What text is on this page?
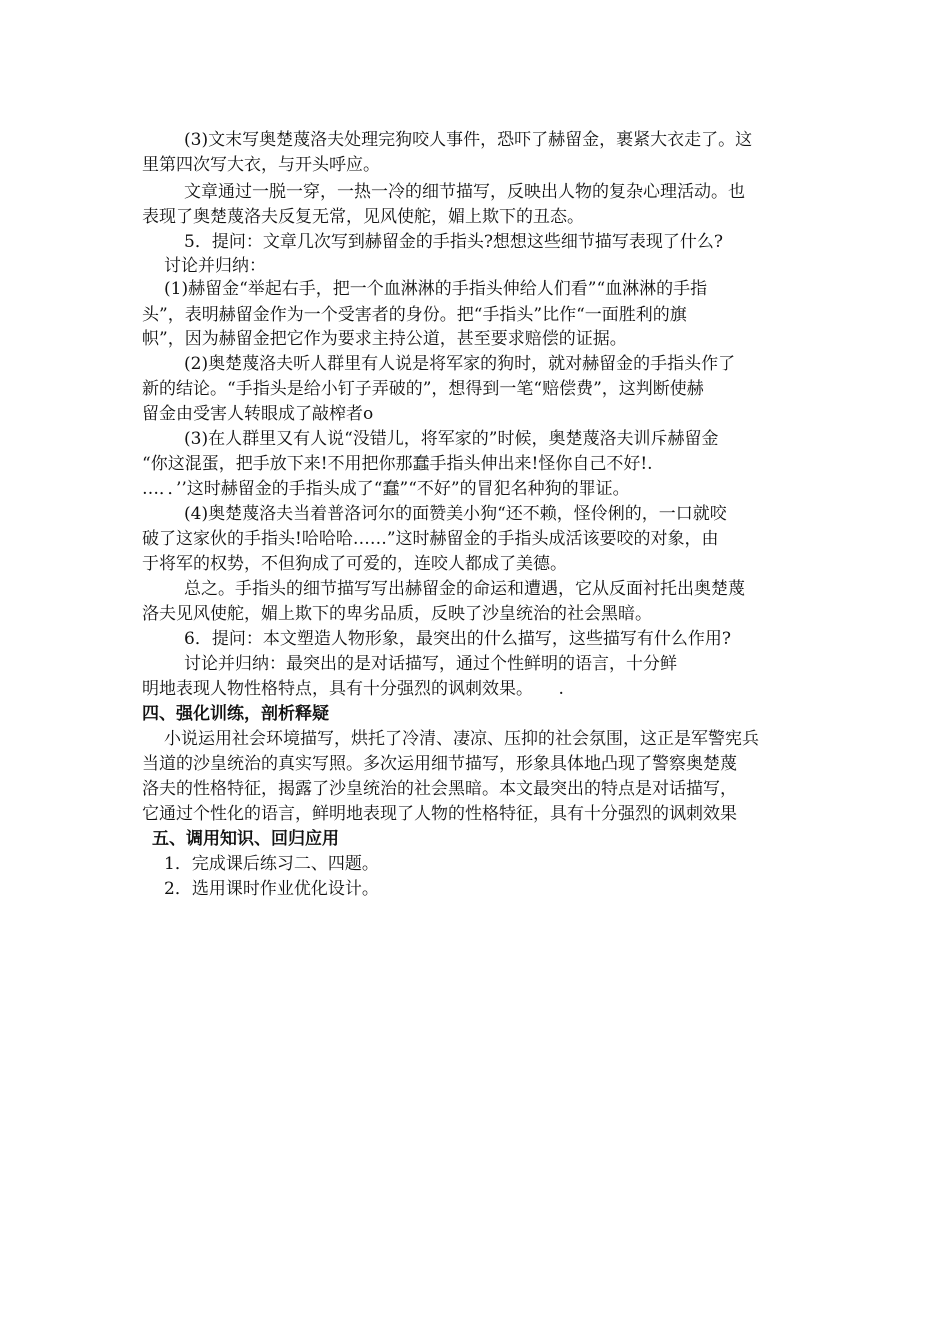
(3)文末写奥楚蔑洛夫处理完狗咬人事件，恐吓了赫留金，裹紧大衣走了。这
里第四次写大衣，与开头呼应。
文章通过一脱一穿，一热一冷的细节描写，反映出人物的复杂心理活动。也
表现了奥楚蔑洛夫反复无常，见风使舵，媚上欺下的丑态。
5．提问：文章几次写到赫留金的手指头?想想这些细节描写表现了什么?
讨论并归纳：
(1)赫留金“举起右手，把一个血淋淋的手指头伸给人们看”“血淋淋的手指
头”，表明赫留金作为一个受害者的身份。把“手指头”比作“一面胜利的旗
帜”，因为赫留金把它作为要求主持公道，甚至要求赔偿的证据。
(2)奥楚蔑洛夫听人群里有人说是将军家的狗时，就对赫留金的手指头作了
新的结论。“手指头是给小钉子弄破的”，想得到一笔“赔偿费”，这判断使赫
留金由受害人转眼成了敲榨者o
(3)在人群里又有人说“没错儿，将军家的”时候，奥楚蔑洛夫训斥赫留金
“你这混蛋，把手放下来!不用把你那蠢手指头伸出来!怪你自己不好!.
…．．’’这时赫留金的手指头成了“蠢”“不好”的冒犯名种狗的罪证。
(4)奥楚蔑洛夫当着普洛诃尔的面赞美小狗“还不赖，怪伶俐的，一口就咬
破了这家伙的手指头!哈哈哈……”这时赫留金的手指头成活该要咬的对象，由
于将军的权势，不但狗成了可爱的，连咬人都成了美德。
总之。手指头的细节描写写出赫留金的命运和遭遇，它从反面衬托出奥楚蔑
洛夫见风使舵，媚上欺下的卑劣品质，反映了沙皇统治的社会黑暗。
6．提问：本文塑造人物形象，最突出的什么描写，这些描写有什么作用?
讨论并归纳：最突出的是对话描写，通过个性鲜明的语言，十分鲜
明地表现人物性格特点，具有十分强烈的讽刺效果。　　.
四、强化训练，剖析释疑
小说运用社会环境描写，烘托了冷清、凄凉、压抑的社会氛围，这正是军警宪兵
当道的沙皇统治的真实写照。多次运用细节描写，形象具体地凸现了警察奥楚蔑
洛夫的性格特征，揭露了沙皇统治的社会黑暗。本文最突出的特点是对话描写，
它通过个性化的语言，鲜明地表现了人物的性格特征，具有十分强烈的讽刺效果
五、调用知识、回归应用
1．完成课后练习二、四题。
2．选用课时作业优化设计。
